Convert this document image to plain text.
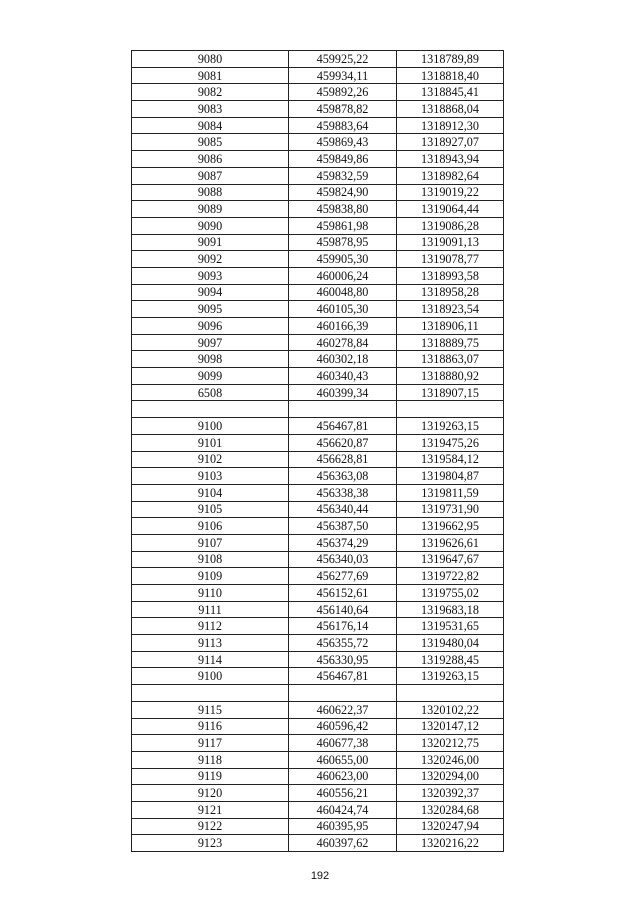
9080	459925,22	1318789,89
9081	459934,11	1318818,40
9082	459892,26	1318845,41
9083	459878,82	1318868,04
9084	459883,64	1318912,30
9085	459869,43	1318927,07
9086	459849,86	1318943,94
9087	459832,59	1318982,64
9088	459824,90	1319019,22
9089	459838,80	1319064,44
9090	459861,98	1319086,28
9091	459878,95	1319091,13
9092	459905,30	1319078,77
9093	460006,24	1318993,58
9094	460048,80	1318958,28
9095	460105,30	1318923,54
9096	460166,39	1318906,11
9097	460278,84	1318889,75
9098	460302,18	1318863,07
9099	460340,43	1318880,92
6508	460399,34	1318907,15

9100	456467,81	1319263,15
9101	456620,87	1319475,26
9102	456628,81	1319584,12
9103	456363,08	1319804,87
9104	456338,38	1319811,59
9105	456340,44	1319731,90
9106	456387,50	1319662,95
9107	456374,29	1319626,61
9108	456340,03	1319647,67
9109	456277,69	1319722,82
9110	456152,61	1319755,02
9111	456140,64	1319683,18
9112	456176,14	1319531,65
9113	456355,72	1319480,04
9114	456330,95	1319288,45
9100	456467,81	1319263,15

9115	460622,37	1320102,22
9116	460596,42	1320147,12
9117	460677,38	1320212,75
9118	460655,00	1320246,00
9119	460623,00	1320294,00
9120	460556,21	1320392,37
9121	460424,74	1320284,68
9122	460395,95	1320247,94
9123	460397,62	1320216,22
192
